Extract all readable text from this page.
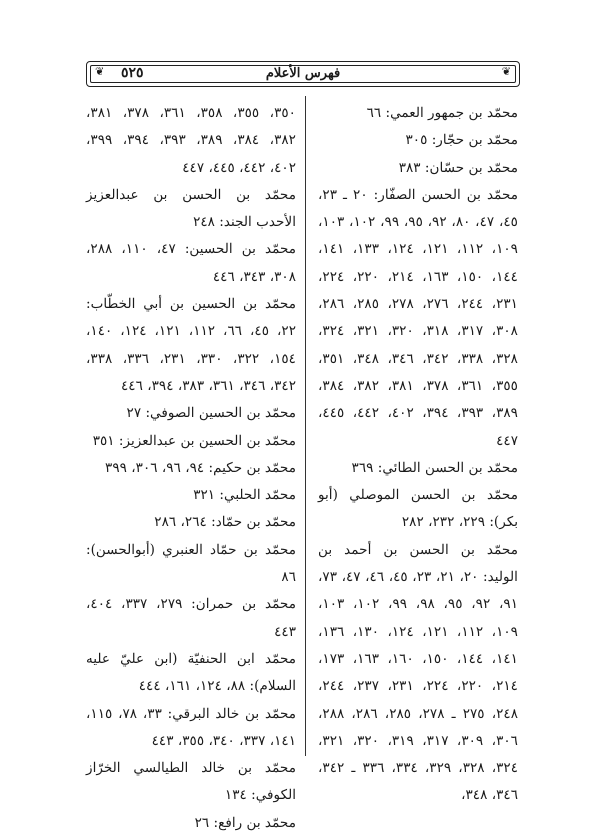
❦ ٥٢٥	فهرس الأعلام	❦
محمّد بن جمهور العمي: ٦٦
محمّد بن حجّار: ٣٠٥
محمّد بن حسّان: ٣٨٣
محمّد بن الحسن الصفّار: ٢٠ ـ ٢٣، ٤٥، ٤٧، ٨٠، ٩٢، ٩٥، ٩٩، ١٠٢، ١٠٣، ١٠٩، ١١٢، ١٢١، ١٢٤، ١٣٣، ١٤١، ١٤٤، ١٥٠، ١٦٣، ٢١٤، ٢٢٠، ٢٢٤، ٢٣١، ٢٤٤، ٢٧٦، ٢٧٨، ٢٨٥، ٢٨٦، ٣٠٨، ٣١٧، ٣١٨، ٣٢٠، ٣٢١، ٣٢٤، ٣٢٨، ٣٣٨، ٣٤٢، ٣٤٦، ٣٤٨، ٣٥١، ٣٥٥، ٣٦١، ٣٧٨، ٣٨١، ٣٨٢، ٣٨٤، ٣٨٩، ٣٩٣، ٣٩٤، ٤٠٢، ٤٤٢، ٤٤٥، ٤٤٧
محمّد بن الحسن الطائي: ٣٦٩
محمّد بن الحسن الموصلي (أبو بكر): ٢٢٩، ٢٣٢، ٢٨٢
محمّد بن الحسن بن أحمد بن الوليد: ٢٠، ٢١، ٢٣، ٤٥، ٤٦، ٤٧، ٧٣، ٩١، ٩٢، ٩٥، ٩٨، ٩٩، ١٠٢، ١٠٣، ١٠٩، ١١٢، ١٢١، ١٢٤، ١٣٠، ١٣٦، ١٤١، ١٤٤، ١٥٠، ١٦٠، ١٦٣، ١٧٣، ٢١٤، ٢٢٠، ٢٢٤، ٢٣١، ٢٣٧، ٢٤٤، ٢٤٨، ٢٧٥ ـ ٢٧٨، ٢٨٥، ٢٨٦، ٢٨٨، ٣٠٦، ٣٠٩، ٣١٧، ٣١٩، ٣٢٠، ٣٢١، ٣٢٤، ٣٢٨، ٣٢٩، ٣٣٤، ٣٣٦ ـ ٣٤٢، ٣٤٦، ٣٤٨،
٣٥٠، ٣٥٥، ٣٥٨، ٣٦١، ٣٧٨، ٣٨١، ٣٨٢، ٣٨٤، ٣٨٩، ٣٩٣، ٣٩٤، ٣٩٩، ٤٠٢، ٤٤٢، ٤٤٥، ٤٤٧
محمّد بن الحسن بن عبدالعزيز الأحدب الجند: ٢٤٨
محمّد بن الحسين: ٤٧، ١١٠، ٢٨٨، ٣٠٨، ٣٤٣، ٤٤٦
محمّد بن الحسين بن أبي الخطّاب: ٢٢، ٤٥، ٦٦، ١١٢، ١٢١، ١٢٤، ١٤٠، ١٥٤، ٣٢٢، ٣٣٠، ٢٣١، ٣٣٦، ٣٣٨، ٣٤٢، ٣٤٦، ٣٦١، ٣٨٣، ٣٩٤، ٤٤٦
محمّد بن الحسين الصوفي: ٢٧
محمّد بن الحسين بن عبدالعزيز: ٣٥١
محمّد بن حكيم: ٩٤، ٩٦، ٣٠٦، ٣٩٩
محمّد الحلبي: ٣٢١
محمّد بن حمّاد: ٢٦٤، ٢٨٦
محمّد بن حمّاد العنبري (أبوالحسن): ٨٦
محمّد بن حمران: ٢٧٩، ٣٣٧، ٤٠٤، ٤٤٣
محمّد ابن الحنفيّة (ابن عليّ عليه السلام): ٨٨، ١٢٤، ١٦١، ٤٤٤
محمّد بن خالد البرقي: ٣٣، ٧٨، ١١٥، ١٤١، ٣٣٧، ٣٤٠، ٣٥٥، ٤٤٣
محمّد بن خالد الطيالسي الخرّاز الكوفي: ١٣٤
محمّد بن رافع: ٢٦
